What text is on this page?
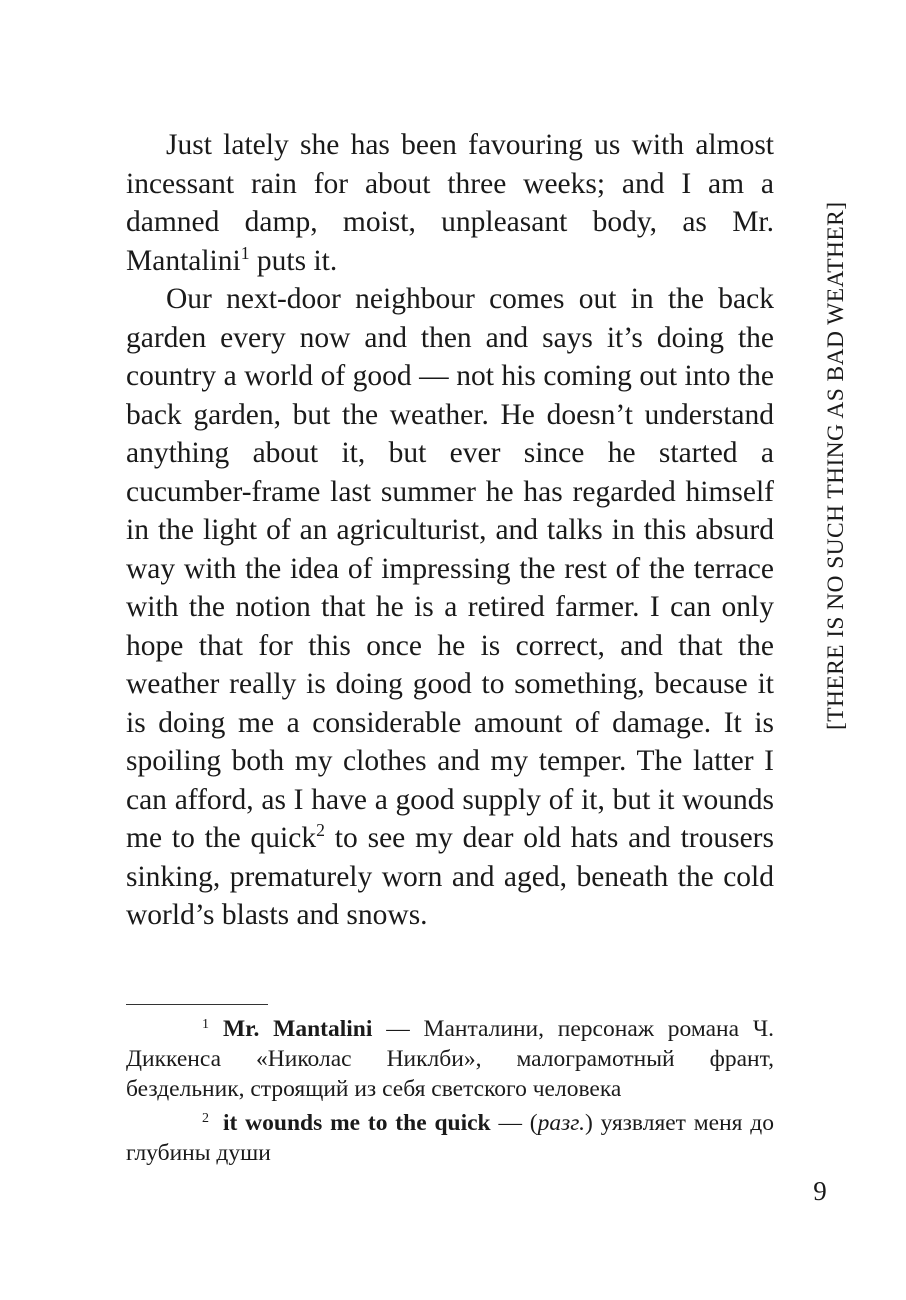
[THERE IS NO SUCH THING AS BAD WEATHER]

Just lately she has been favouring us with almost incessant rain for about three weeks; and I am a damned damp, moist, unpleasant body, as Mr. Mantalini$^1$ puts it.

Our next-door neighbour comes out in the back garden every now and then and says it’s doing the country a world of good — not his coming out into the back garden, but the weather. He doesn’t understand anything about it, but ever since he started a cucumber-frame last summer he has regarded himself in the light of an agriculturist, and talks in this absurd way with the idea of impressing the rest of the terrace with the notion that he is a retired farmer. I can only hope that for this once he is correct, and that the weather really is doing good to something, because it is doing me a considerable amount of damage. It is spoiling both my clothes and my temper. The latter I can afford, as I have a good supply of it, but it wounds me to the quick$^2$ to see my dear old hats and trousers sinking, prematurely worn and aged, beneath the cold world’s blasts and snows.

1 Mr. Mantalini — Манталини, персонаж романа Ч. Диккенса «Николас Никлби», малограмотный франт, бездельник, строящий из себя светского человека

2 it wounds me to the quick — (разг.) уязвляет меня до глубины души

9
